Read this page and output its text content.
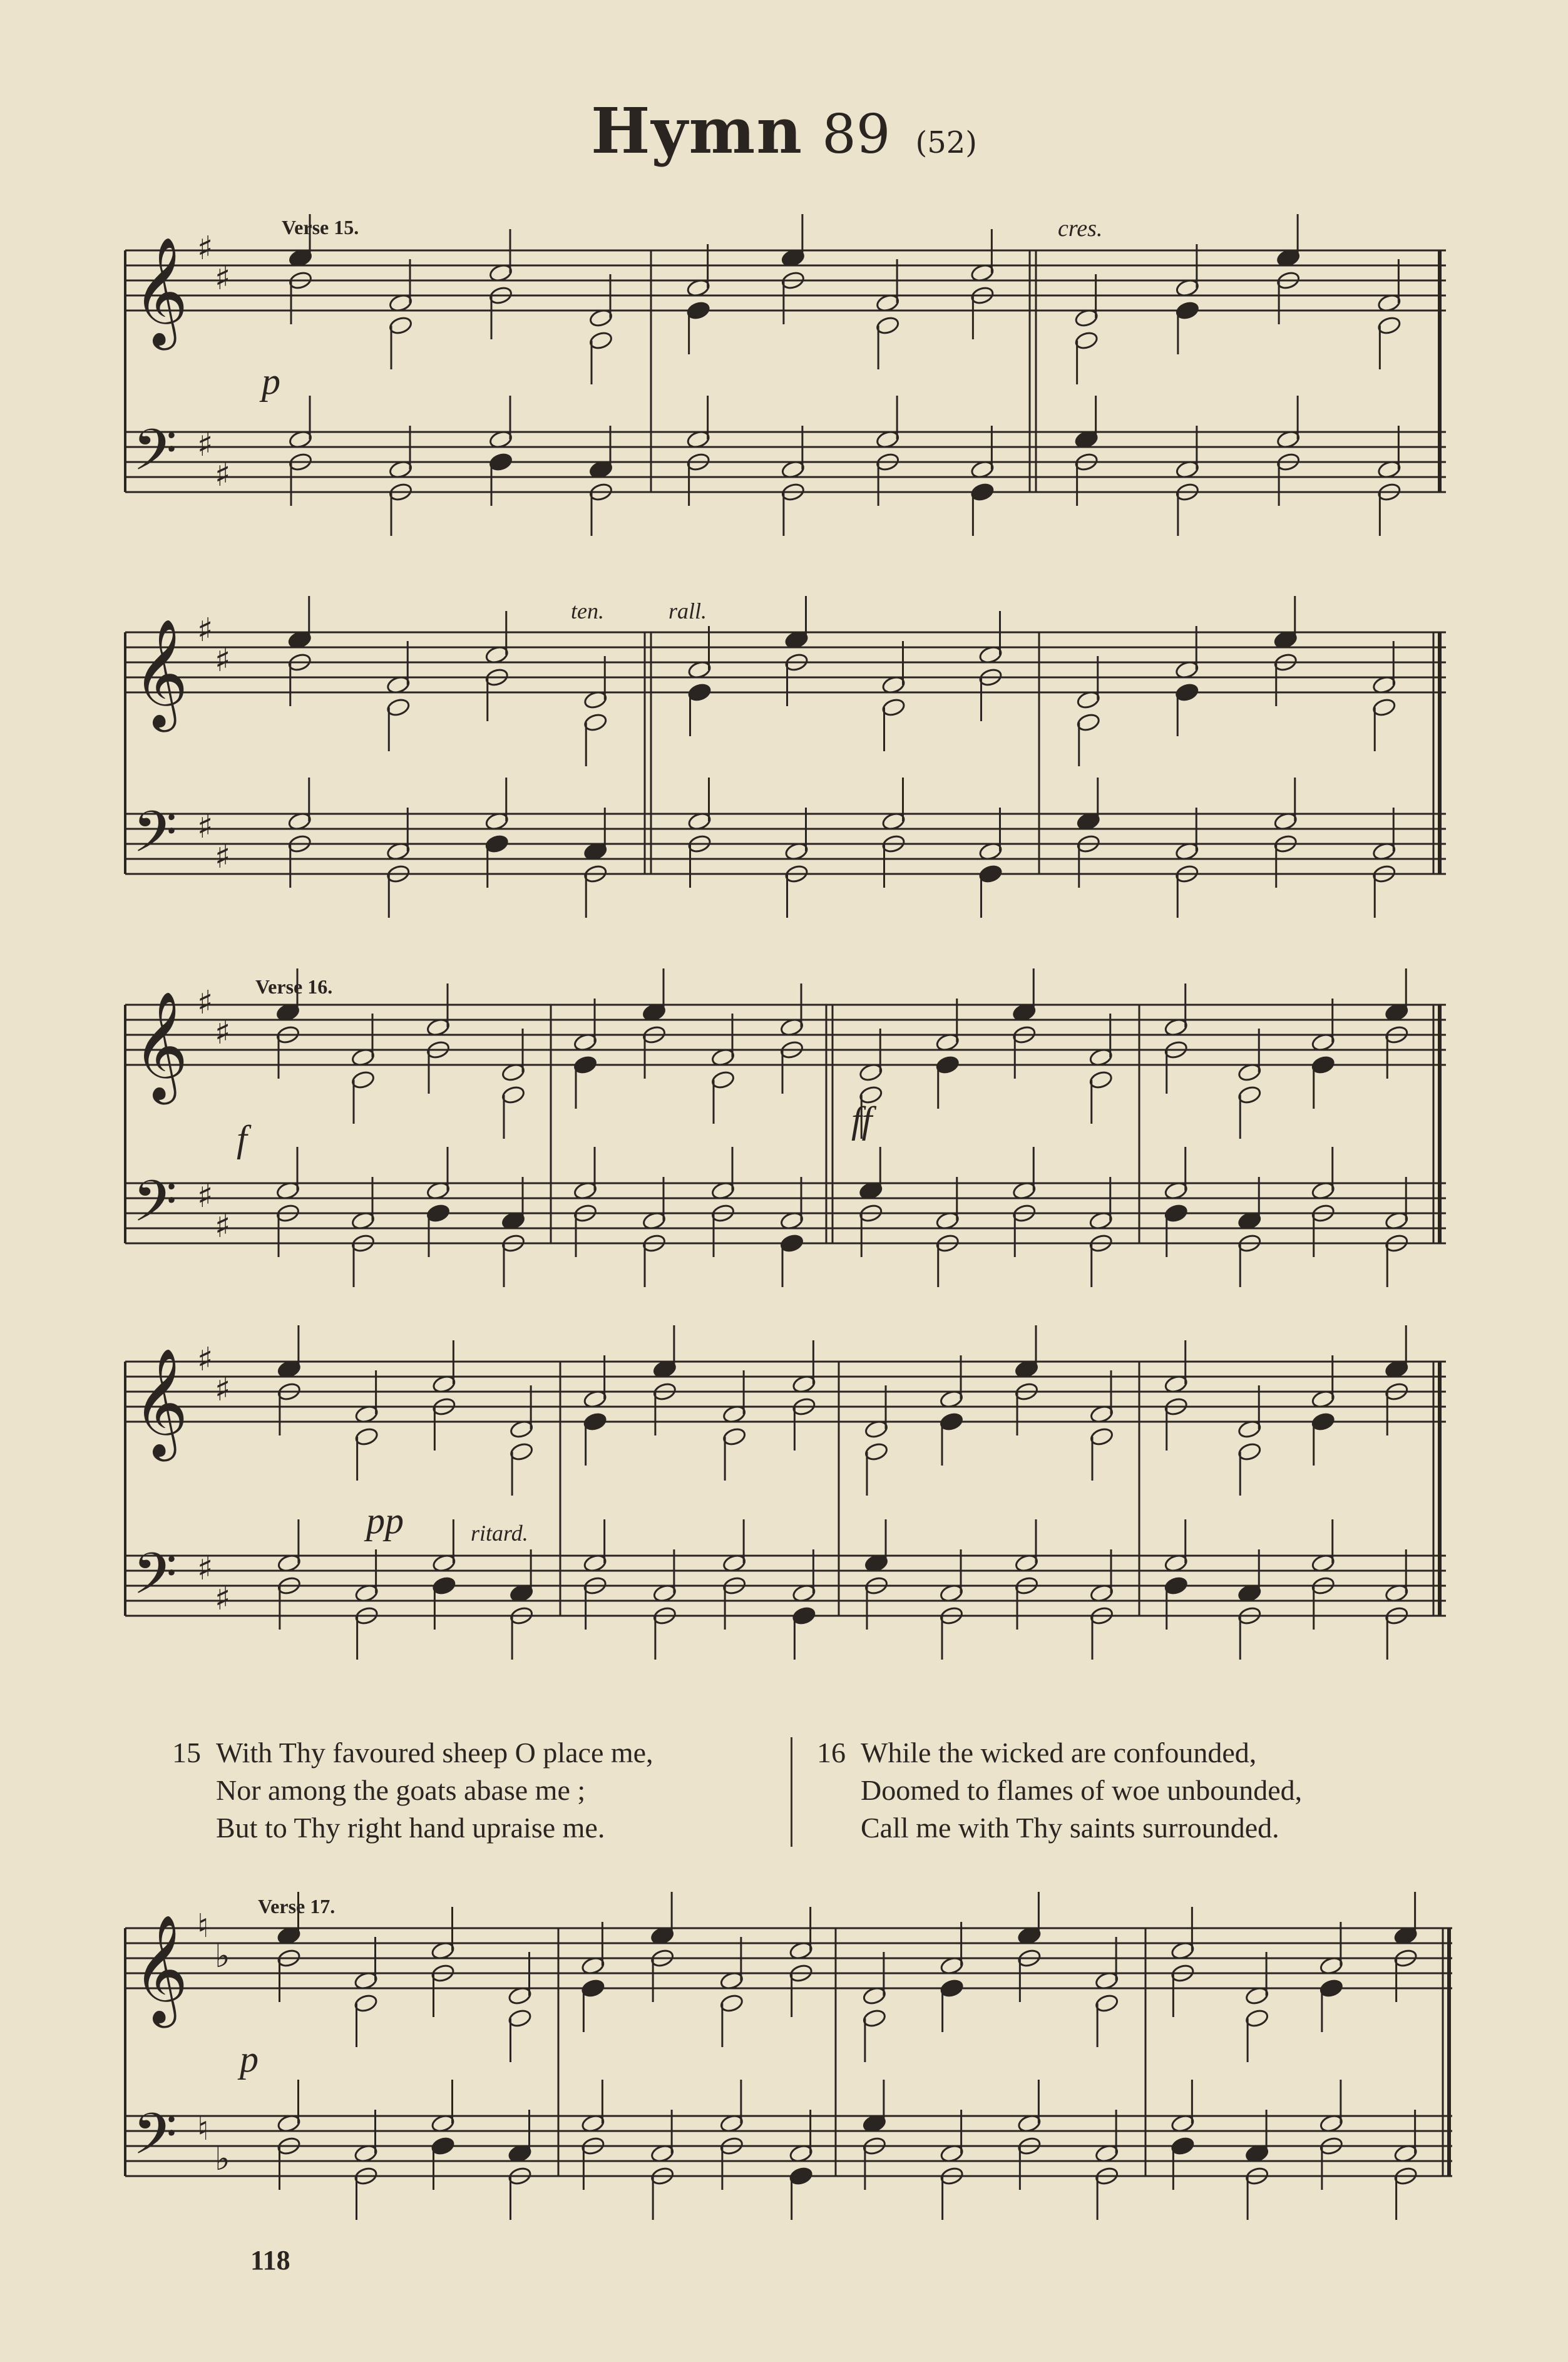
Hymn 89 (52)
𝄞
𝄢
♯
♯
♯
♯
𝄞
𝄢
♯
♯
♯
♯
𝄞
𝄢
♯
♯
♯
♯
𝄞
𝄢
♯
♯
♯
♯
𝄞
𝄢
♮
♮
♭
♭
Verse 15.	cres.
p
ten.	rall.
Verse 16.
f	ff
pp	ritard.
Verse 17.
p
15 With Thy favoured sheep O place me,
Nor among the goats abase me ;
But to Thy right hand upraise me.
16 While the wicked are confounded,
Doomed to flames of woe unbounded,
Call me with Thy saints surrounded.
118
